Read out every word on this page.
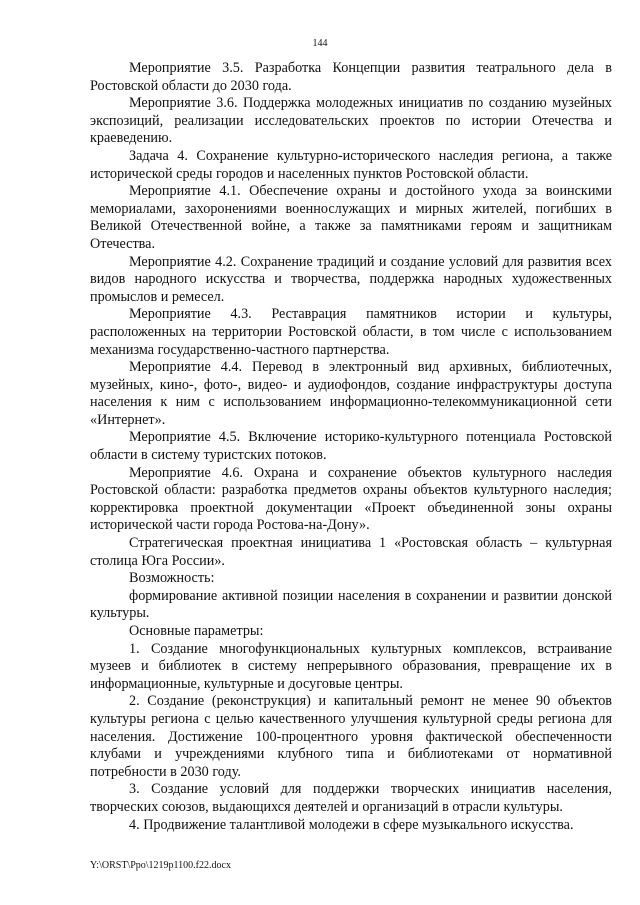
144

Мероприятие 3.5. Разработка Концепции развития театрального дела в Ростовской области до 2030 года.

Мероприятие 3.6. Поддержка молодежных инициатив по созданию музейных экспозиций, реализации исследовательских проектов по истории Отечества и краеведению.

Задача 4. Сохранение культурно-исторического наследия региона, а также исторической среды городов и населенных пунктов Ростовской области.

Мероприятие 4.1. Обеспечение охраны и достойного ухода за воинскими мемориалами, захоронениями военнослужащих и мирных жителей, погибших в Великой Отечественной войне, а также за памятниками героям и защитникам Отечества.

Мероприятие 4.2. Сохранение традиций и создание условий для развития всех видов народного искусства и творчества, поддержка народных художественных промыслов и ремесел.

Мероприятие 4.3. Реставрация памятников истории и культуры, расположенных на территории Ростовской области, в том числе с использованием механизма государственно-частного партнерства.

Мероприятие 4.4. Перевод в электронный вид архивных, библиотечных, музейных, кино-, фото-, видео- и аудиофондов, создание инфраструктуры доступа населения к ним с использованием информационно-телекоммуникационной сети «Интернет».

Мероприятие 4.5. Включение историко-культурного потенциала Ростовской области в систему туристских потоков.

Мероприятие 4.6. Охрана и сохранение объектов культурного наследия Ростовской области: разработка предметов охраны объектов культурного наследия; корректировка проектной документации «Проект объединенной зоны охраны исторической части города Ростова-на-Дону».

Стратегическая проектная инициатива 1 «Ростовская область – культурная столица Юга России».

Возможность:

формирование активной позиции населения в сохранении и развитии донской культуры.

Основные параметры:

1. Создание многофункциональных культурных комплексов, встраивание музеев и библиотек в систему непрерывного образования, превращение их в информационные, культурные и досуговые центры.

2. Создание (реконструкция) и капитальный ремонт не менее 90 объектов культуры региона с целью качественного улучшения культурной среды региона для населения. Достижение 100-процентного уровня фактической обеспеченности клубами и учреждениями клубного типа и библиотеками от нормативной потребности в 2030 году.

3. Создание условий для поддержки творческих инициатив населения, творческих союзов, выдающихся деятелей и организаций в отрасли культуры.

4. Продвижение талантливой молодежи в сфере музыкального искусства.

Y:\ORST\Ppo\1219p1100.f22.docx
